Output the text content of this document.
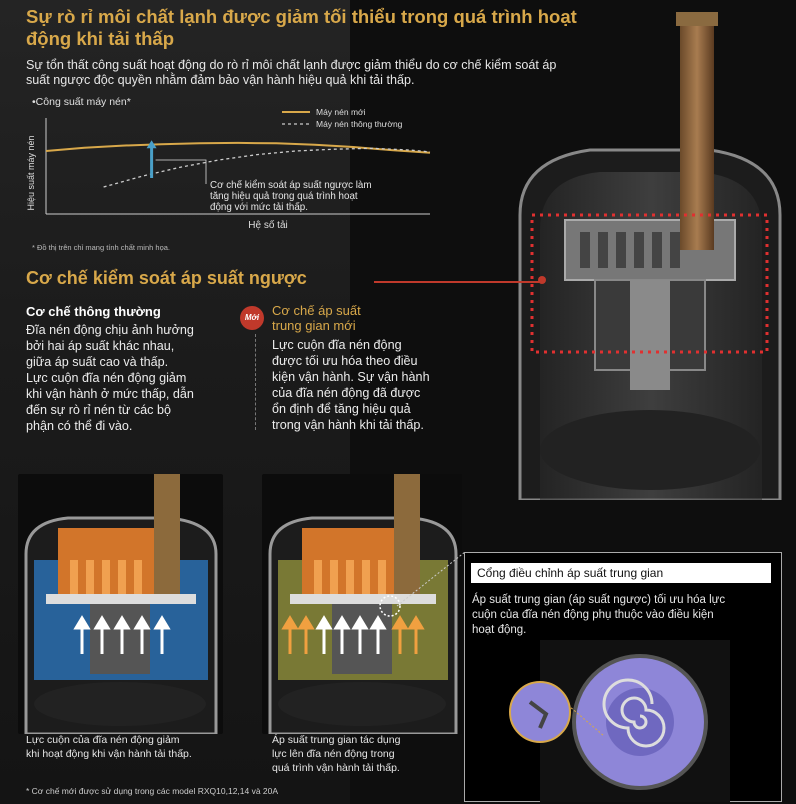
Sự rò rỉ môi chất lạnh được giảm tối thiểu trong quá trình hoạt động khi tải thấp
Sự tổn thất công suất hoạt động do rò rỉ môi chất lạnh được giảm thiểu do cơ chế kiểm soát áp suất ngược độc quyền nhằm đảm bảo vận hành hiệu quả khi tải thấp.
•Công suất máy nén*
Hệ số tải
Hiệu suất máy nén
Máy nén mới
Máy nén thông thường
Cơ chế kiểm soát áp suất ngược làm
tăng hiệu quả trong quá trình hoạt
động với mức tải thấp.
* Đồ thị trên chỉ mang tính chất minh họa.
Cơ chế kiểm soát áp suất ngược
Cơ chế thông thường
Đĩa nén động chịu ảnh hưởng
bởi hai áp suất khác nhau,
giữa áp suất cao và thấp.
Lực cuộn đĩa nén động giảm
khi vận hành ở mức thấp, dẫn
đến sự rò rỉ nén từ các bộ
phận có thể đi vào.
Mới Cơ chế áp suất
trung gian mới
Lực cuộn đĩa nén động
được tối ưu hóa theo điều
kiện vận hành. Sự vận hành
của đĩa nén động đã được
ổn định để tăng hiệu quả
trong vận hành khi tải thấp.
Lực cuộn của đĩa nén động giảm
khi hoạt động khi vận hành tải thấp.
Áp suất trung gian tác dụng
lực lên đĩa nén động trong
quá trình vận hành tải thấp.
Cổng điều chỉnh áp suất trung gian
Áp suất trung gian (áp suất ngược) tối ưu hóa lực
cuộn của đĩa nén động phụ thuộc vào điều kiện
hoạt động.
* Cơ chế mới được sử dụng trong các model RXQ10,12,14 và 20A
